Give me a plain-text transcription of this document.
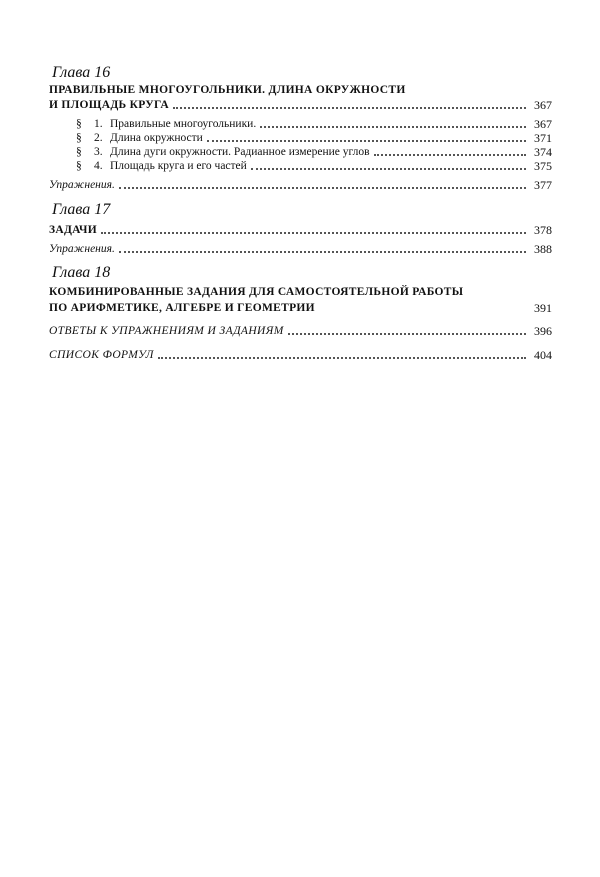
Глава 16
ПРАВИЛЬНЫЕ МНОГОУГОЛЬНИКИ. ДЛИНА ОКРУЖНОСТИ
И ПЛОЩАДЬ КРУГА	367
§ 1. Правильные многоугольники.	367
§ 2. Длина окружности	371
§ 3. Длина дуги окружности. Радианное измерение углов	374
§ 4. Площадь круга и его частей	375
Упражнения.	377
Глава 17
ЗАДАЧИ	378
Упражнения.	388
Глава 18
КОМБИНИРОВАННЫЕ ЗАДАНИЯ ДЛЯ САМОСТОЯТЕЛЬНОЙ РАБОТЫ
ПО АРИФМЕТИКЕ, АЛГЕБРЕ И ГЕОМЕТРИИ	391
ОТВЕТЫ К УПРАЖНЕНИЯМ И ЗАДАНИЯМ	396
СПИСОК ФОРМУЛ	404
